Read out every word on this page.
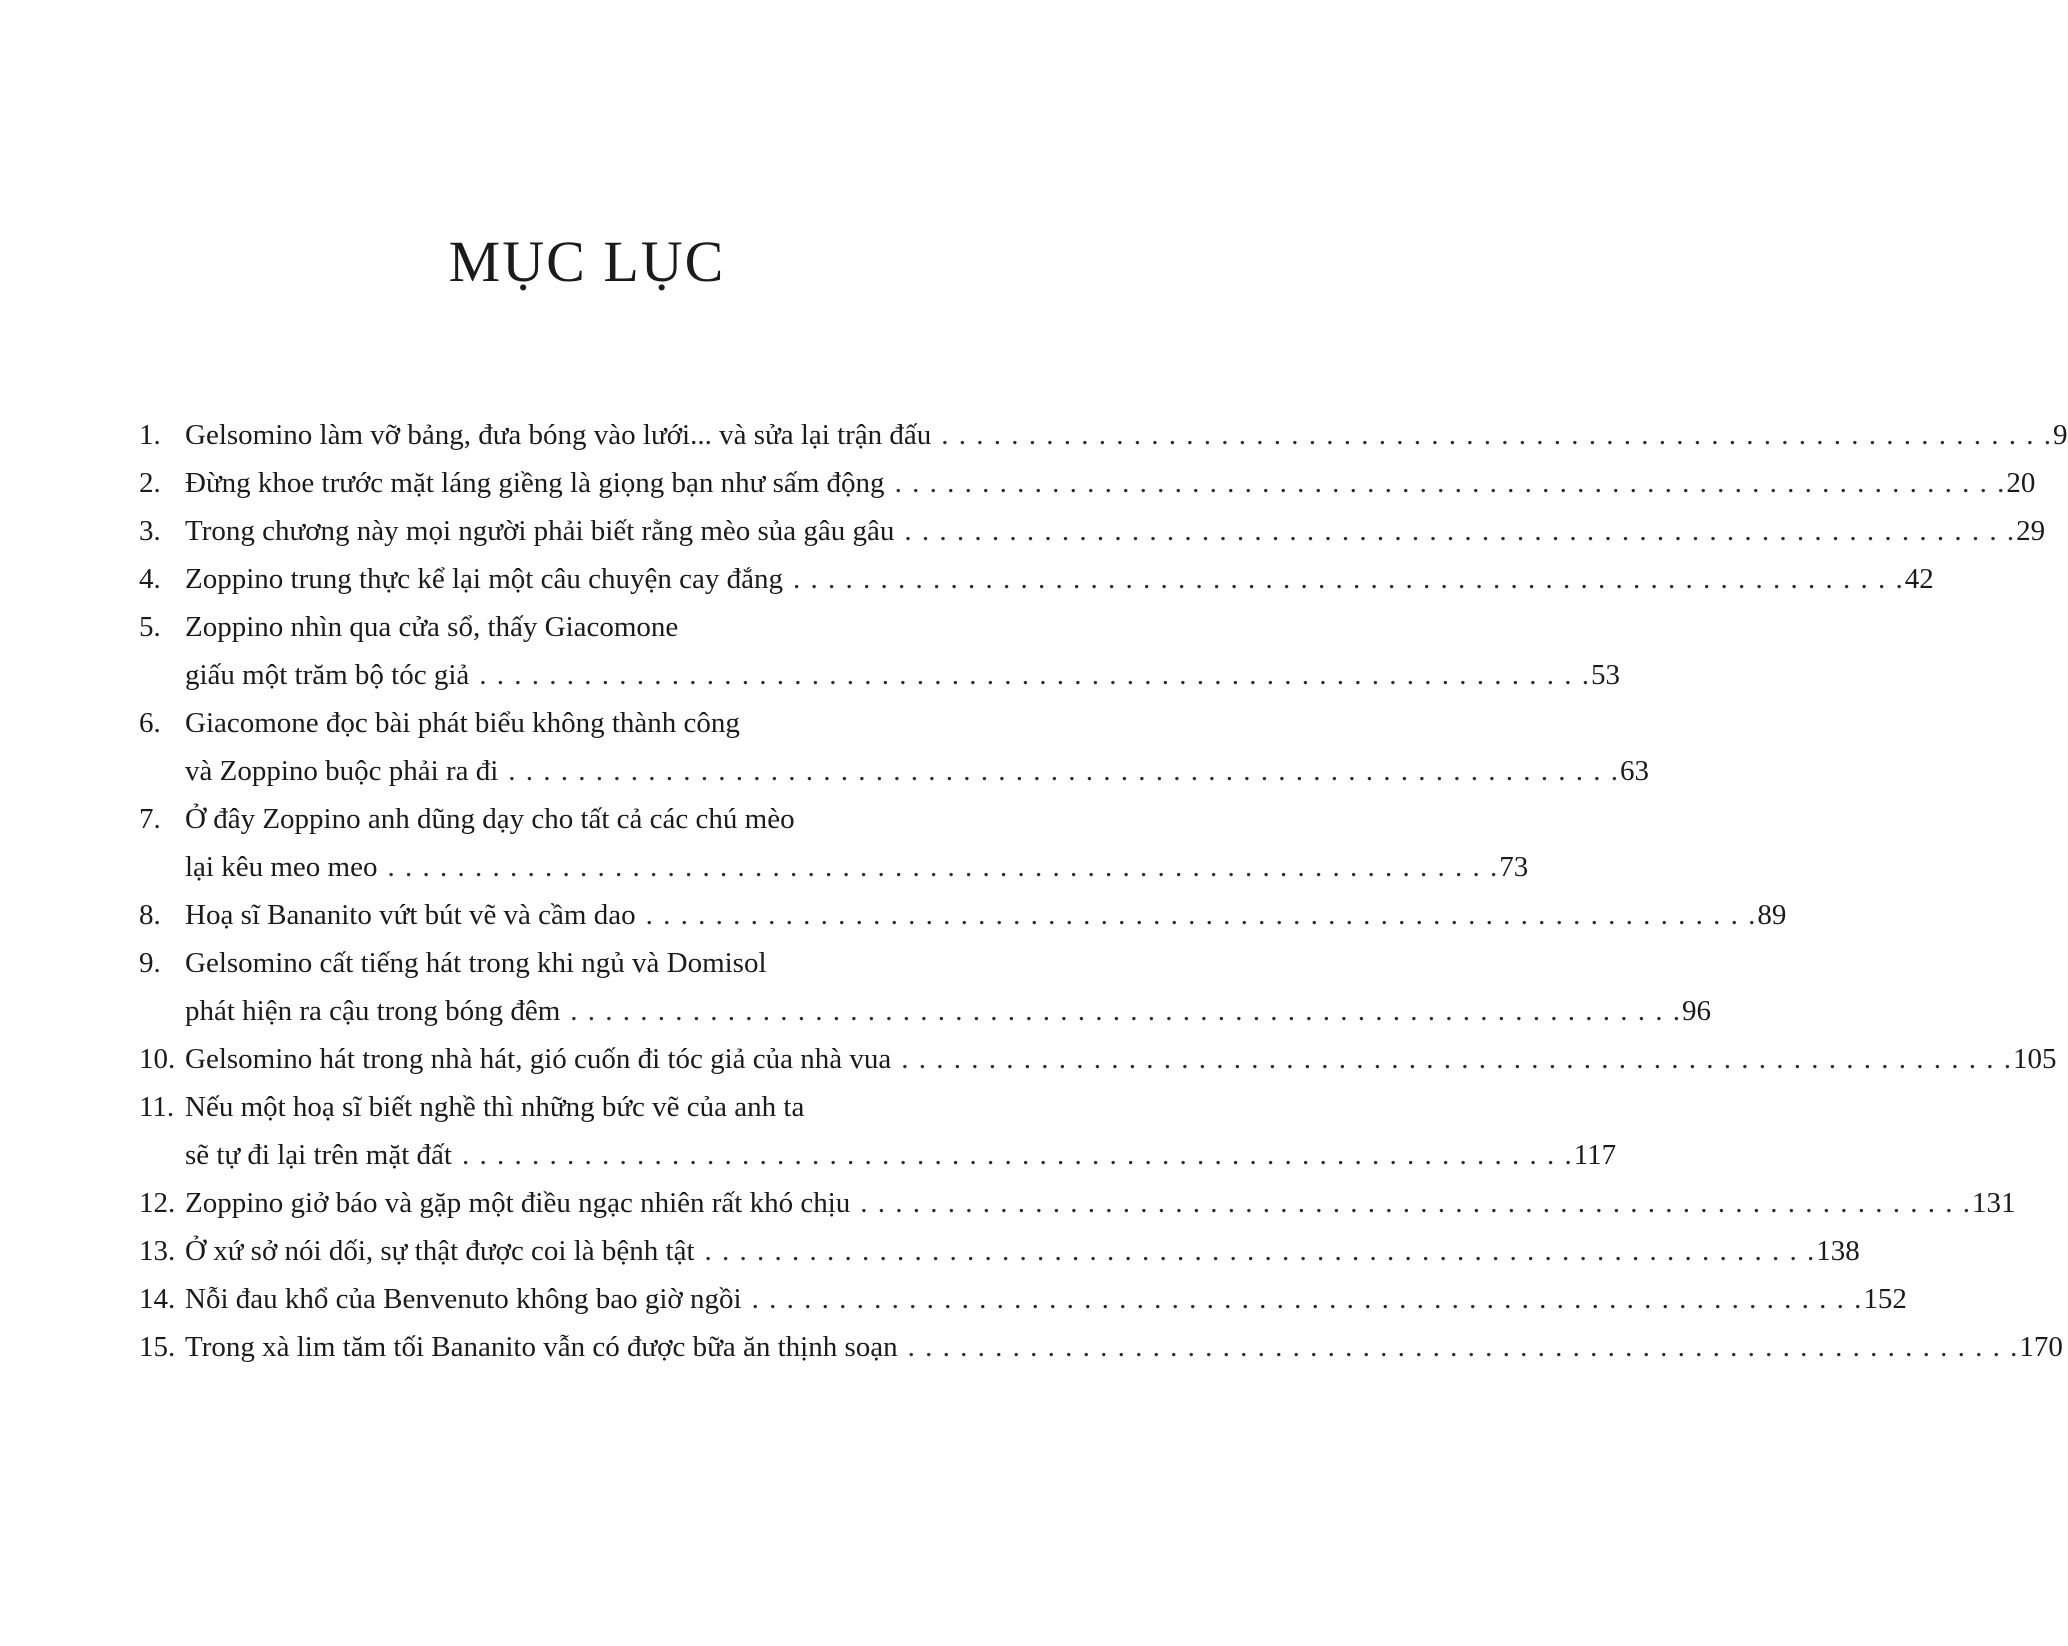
MỤC LỤC
1. Gelsomino làm vỡ bảng, đưa bóng vào lưới... và sửa lại trận đấu . . .	9
2. Đừng khoe trước mặt láng giềng là giọng bạn như sấm động . . .	20
3. Trong chương này mọi người phải biết rằng mèo sủa gâu gâu . . .	29
4. Zoppino trung thực kể lại một câu chuyện cay đắng . . .	42
5. Zoppino nhìn qua cửa sổ, thấy Giacomone
giấu một trăm bộ tóc giả . . .	53
6. Giacomone đọc bài phát biểu không thành công
và Zoppino buộc phải ra đi . . .	63
7. Ở đây Zoppino anh dũng dạy cho tất cả các chú mèo
lại kêu meo meo . . .	73
8. Hoạ sĩ Bananito vứt bút vẽ và cầm dao . . .	89
9. Gelsomino cất tiếng hát trong khi ngủ và Domisol
phát hiện ra cậu trong bóng đêm . . .	96
10. Gelsomino hát trong nhà hát, gió cuốn đi tóc giả của nhà vua . . .	105
11. Nếu một hoạ sĩ biết nghề thì những bức vẽ của anh ta
sẽ tự đi lại trên mặt đất . . .	117
12. Zoppino giở báo và gặp một điều ngạc nhiên rất khó chịu . . .	131
13. Ở xứ sở nói dối, sự thật được coi là bệnh tật . . .	138
14. Nỗi đau khổ của Benvenuto không bao giờ ngồi . . .	152
15. Trong xà lim tăm tối Bananito vẫn có được bữa ăn thịnh soạn . . .	170
